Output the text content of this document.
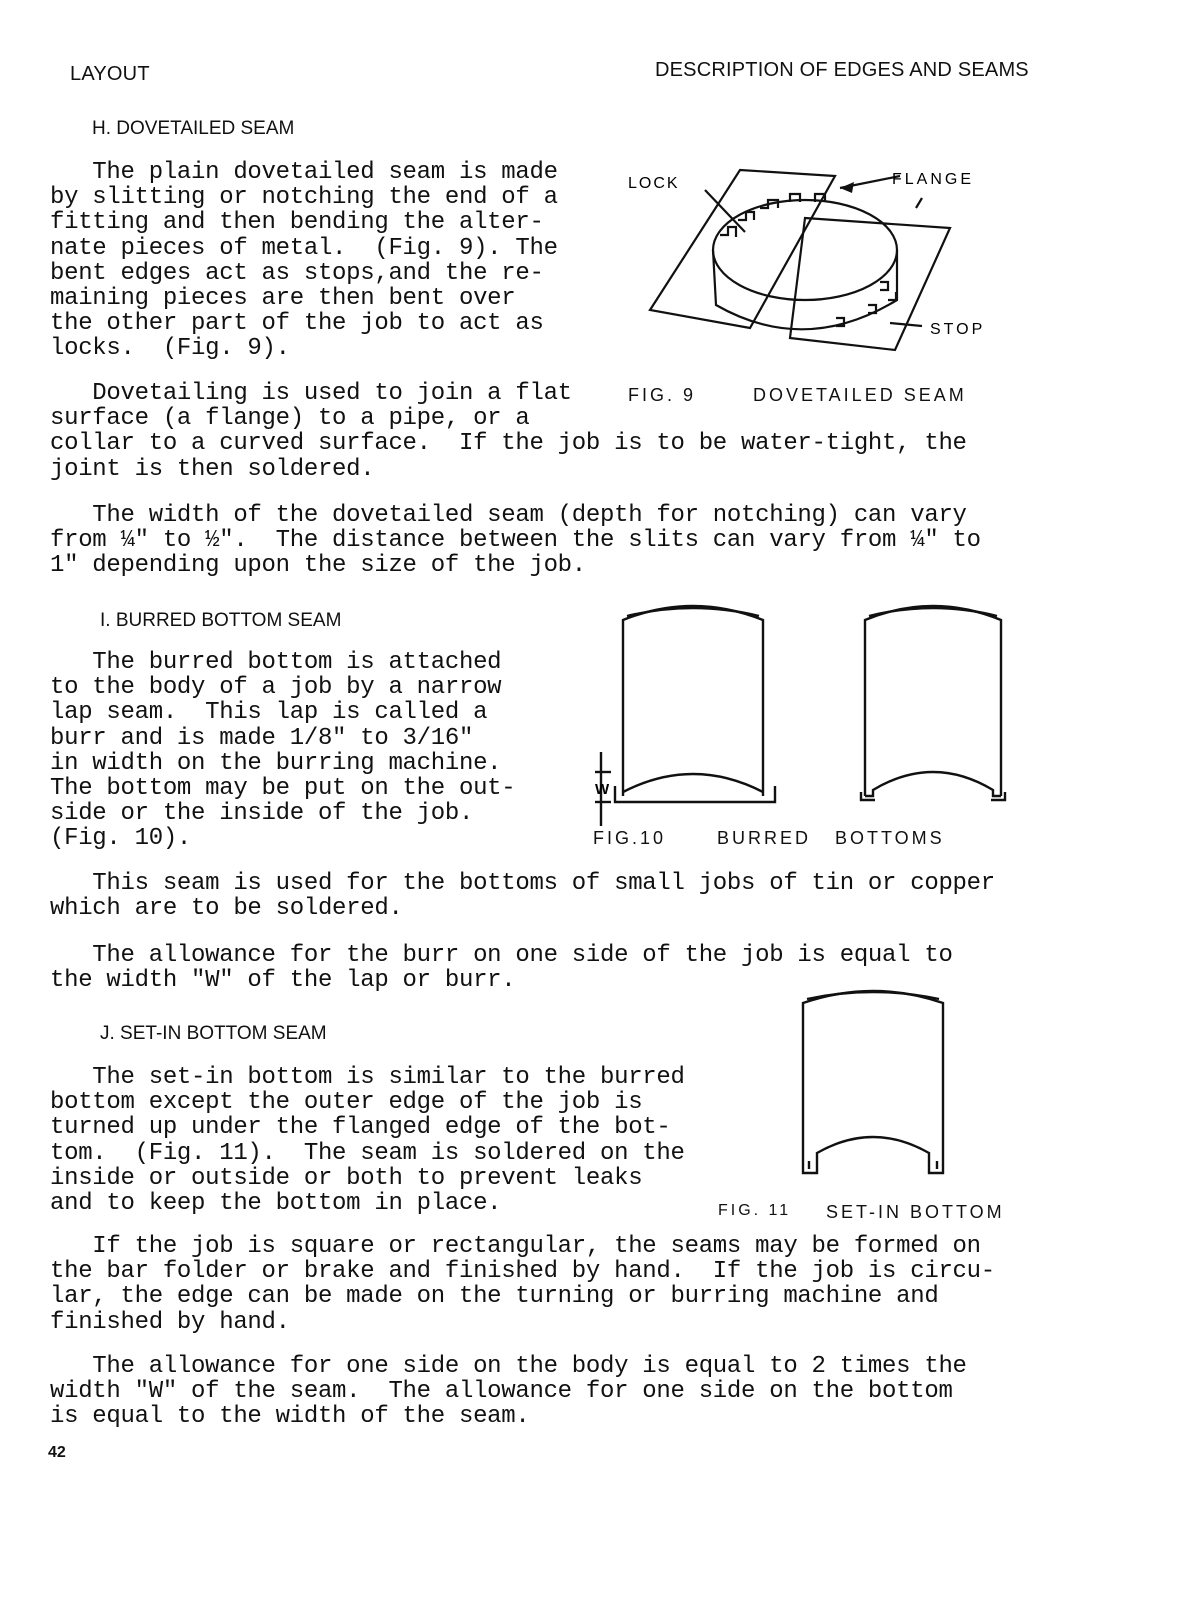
LAYOUT	DESCRIPTION OF EDGES AND SEAMS
H. DOVETAILED SEAM

The plain dovetailed seam is made

by slitting or notching the end of a

fitting and then bending the alter-

nate pieces of metal.  (Fig. 9). The

bent edges act as stops,and the re-

maining pieces are then bent over

the other part of the job to act as

locks.  (Fig. 9).

LOCK	FLANGE
STOP
FIG. 9	DOVETAILED SEAM

Dovetailing is used to join a flat

surface (a flange) to a pipe, or a

collar to a curved surface.  If the job is to be water-tight, the

joint is then soldered.

The width of the dovetailed seam (depth for notching) can vary

from ¼" to ½".  The distance between the slits can vary from ¼" to

1" depending upon the size of the job.

I. BURRED BOTTOM SEAM

The burred bottom is attached

to the body of a job by a narrow

lap seam.  This lap is called a

burr and is made 1/8" to 3/16"

in width on the burring machine.

The bottom may be put on the out-

side or the inside of the job.

(Fig. 10).

W
FIG.10	BURRED   BOTTOMS

This seam is used for the bottoms of small jobs of tin or copper

which are to be soldered.

The allowance for the burr on one side of the job is equal to

the width "W" of the lap or burr.

J. SET-IN BOTTOM SEAM

The set-in bottom is similar to the burred

bottom except the outer edge of the job is

turned up under the flanged edge of the bot-

tom.  (Fig. 11).  The seam is soldered on the

inside or outside or both to prevent leaks

and to keep the bottom in place.	FIG. 11 SET-IN BOTTOM

If the job is square or rectangular, the seams may be formed on

the bar folder or brake and finished by hand.  If the job is circu-

lar, the edge can be made on the turning or burring machine and

finished by hand.

The allowance for one side on the body is equal to 2 times the

width "W" of the seam.  The allowance for one side on the bottom

is equal to the width of the seam.

42
